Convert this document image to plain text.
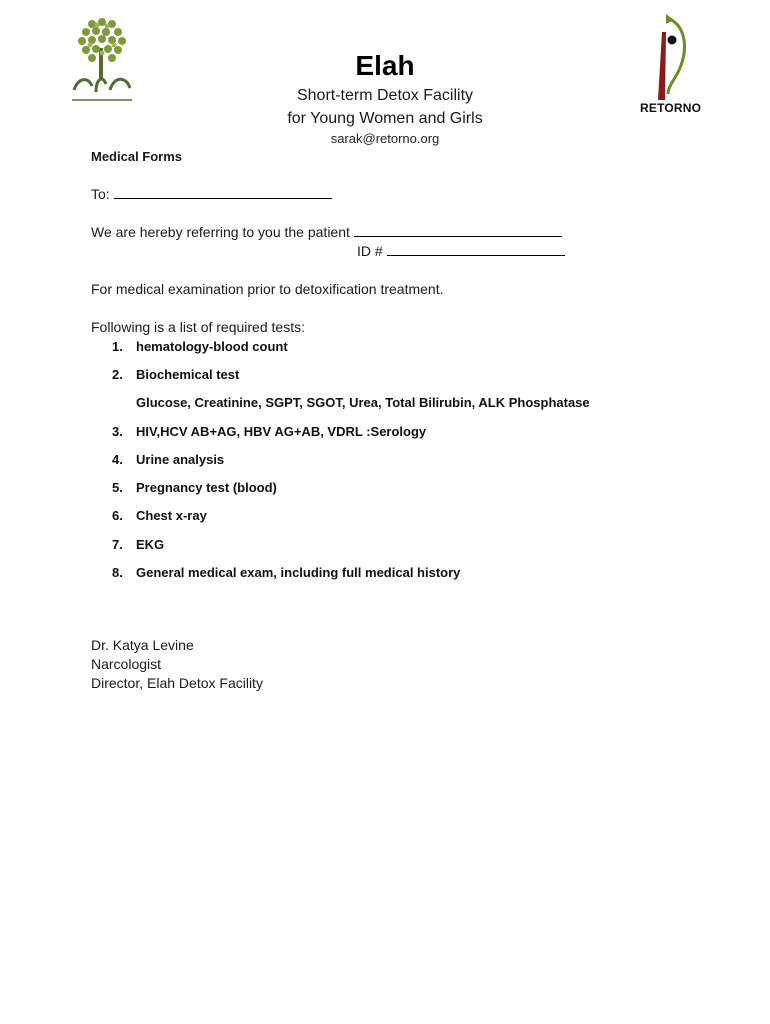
RETORNO
Elah
Short-term Detox Facility
for Young Women and Girls
sarak@retorno.org
Medical Forms
To:
We are hereby referring to you the patient
ID #
For medical examination prior to detoxification treatment.
Following is a list of required tests:
1. hematology-blood count
2. Biochemical test
Glucose, Creatinine, SGPT, SGOT, Urea, Total Bilirubin, ALK Phosphatase
3. HIV,HCV AB+AG, HBV AG+AB, VDRL :Serology
4. Urine analysis
5. Pregnancy test (blood)
6. Chest x-ray
7. EKG
8. General medical exam, including full medical history
Dr. Katya Levine
Narcologist
Director, Elah Detox Facility
